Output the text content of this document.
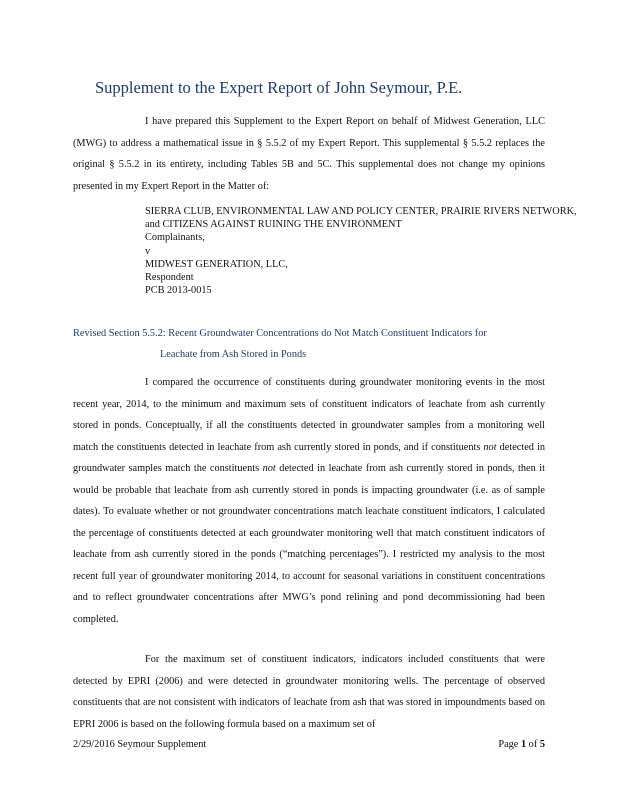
Supplement to the Expert Report of John Seymour, P.E.

I have prepared this Supplement to the Expert Report on behalf of Midwest Generation, LLC (MWG) to address a mathematical issue in § 5.5.2 of my Expert Report. This supplemental § 5.5.2 replaces the original § 5.5.2 in its entirety, including Tables 5B and 5C. This supplemental does not change my opinions presented in my Expert Report in the Matter of:

SIERRA CLUB, ENVIRONMENTAL LAW AND POLICY CENTER, PRAIRIE RIVERS NETWORK,
and CITIZENS AGAINST RUINING THE ENVIRONMENT
Complainants,
v
MIDWEST GENERATION, LLC,
Respondent
PCB 2013-0015
Revised Section 5.5.2: Recent Groundwater Concentrations do Not Match Constituent Indicators for
Leachate from Ash Stored in Ponds

I compared the occurrence of constituents during groundwater monitoring events in the most recent year, 2014, to the minimum and maximum sets of constituent indicators of leachate from ash currently stored in ponds. Conceptually, if all the constituents detected in groundwater samples from a monitoring well match the constituents detected in leachate from ash currently stored in ponds, and if constituents not detected in groundwater samples match the constituents not detected in leachate from ash currently stored in ponds, then it would be probable that leachate from ash currently stored in ponds is impacting groundwater (i.e. as of sample dates). To evaluate whether or not groundwater concentrations match leachate constituent indicators, I calculated the percentage of constituents detected at each groundwater monitoring well that match constituent indicators of leachate from ash currently stored in the ponds (“matching percentages”). I restricted my analysis to the most recent full year of groundwater monitoring 2014, to account for seasonal variations in constituent concentrations and to reflect groundwater concentrations after MWG’s pond relining and pond decommissioning had been completed.

For the maximum set of constituent indicators, indicators included constituents that were detected by EPRI (2006) and were detected in groundwater monitoring wells. The percentage of observed constituents that are not consistent with indicators of leachate from ash that was stored in impoundments based on EPRI 2006 is based on the following formula based on a maximum set of

2/29/2016 Seymour Supplement	Page 1 of 5
